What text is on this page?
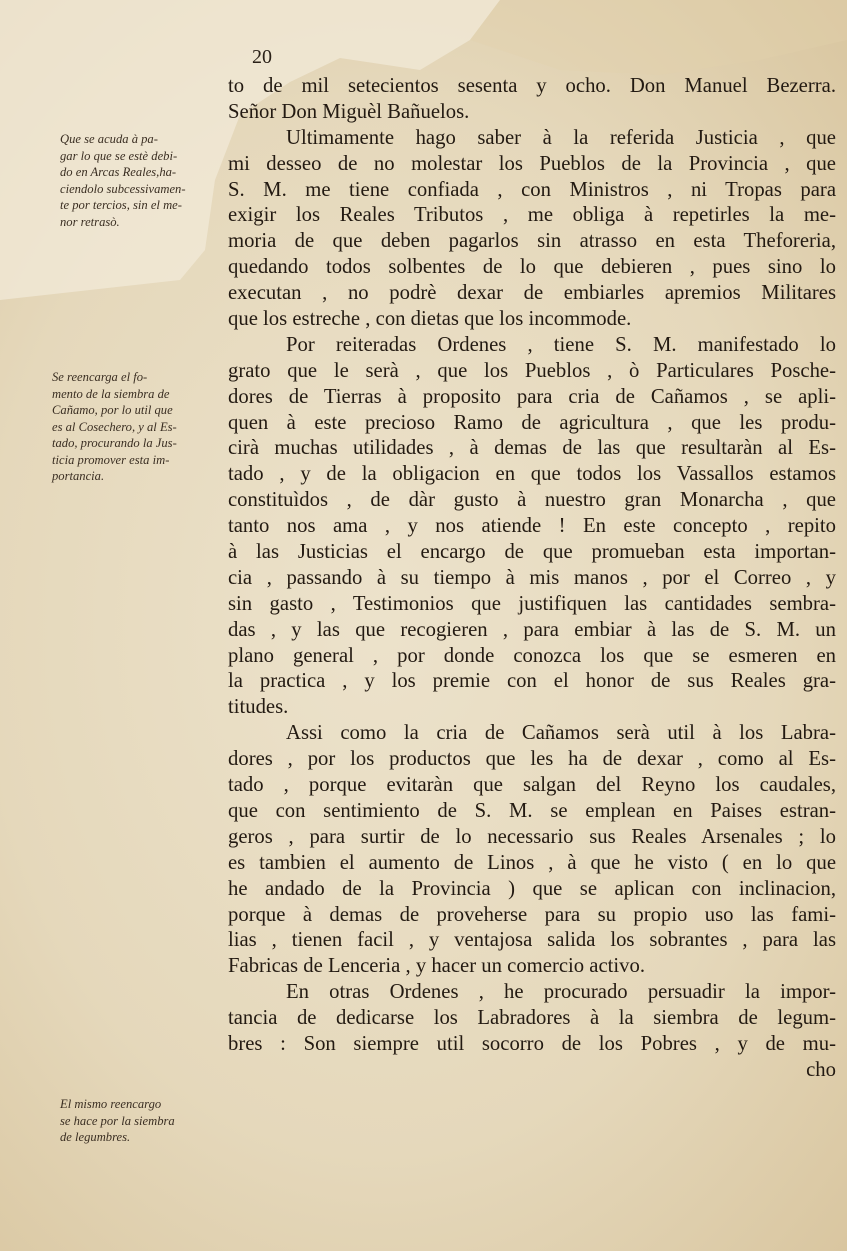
20
Que se acuda à pa-
gar lo que se estè debi-
do en Arcas Reales,ha-
ciendolo subcessivamen-
te por tercios, sin el me-
nor retrasò.
Se reencarga el fo-
mento de la siembra de
Cañamo, por lo util que
es al Cosechero, y al Es-
tado, procurando la Jus-
ticia promover esta im-
portancia.
El mismo reencargo
se hace por la siembra
de legumbres.
to de mil setecientos sesenta y ocho. Don Manuel Bezerra.
Señor Don Miguèl Bañuelos.
Ultimamente hago saber à la referida Justicia , que
mi desseo de no molestar los Pueblos de la Provincia , que
S. M. me tiene confiada , con Ministros , ni Tropas para
exigir los Reales Tributos , me obliga à repetirles la me-
moria de que deben pagarlos sin atrasso en esta Theforeria,
quedando todos solbentes de lo que debieren , pues sino lo
executan , no podrè dexar de embiarles apremios Militares
que los estreche , con dietas que los incommode.
Por reiteradas Ordenes , tiene S. M. manifestado lo
grato que le serà , que los Pueblos , ò Particulares Posche-
dores de Tierras à proposito para cria de Cañamos , se apli-
quen à este precioso Ramo de agricultura , que les produ-
cirà muchas utilidades , à demas de las que resultaràn al Es-
tado , y de la obligacion en que todos los Vassallos estamos
constituìdos , de dàr gusto à nuestro gran Monarcha , que
tanto nos ama , y nos atiende ! En este concepto , repito
à las Justicias el encargo de que promueban esta importan-
cia , passando à su tiempo à mis manos , por el Correo , y
sin gasto , Testimonios que justifiquen las cantidades sembra-
das , y las que recogieren , para embiar à las de S. M. un
plano general , por donde conozca los que se esmeren en
la practica , y los premie con el honor de sus Reales gra-
titudes.
Assi como la cria de Cañamos serà util à los Labra-
dores , por los productos que les ha de dexar , como al Es-
tado , porque evitaràn que salgan del Reyno los caudales,
que con sentimiento de S. M. se emplean en Paises estran-
geros , para surtir de lo necessario sus Reales Arsenales ; lo
es tambien el aumento de Linos , à que he visto ( en lo que
he andado de la Provincia ) que se aplican con inclinacion,
porque à demas de proveherse para su propio uso las fami-
lias , tienen facil , y ventajosa salida los sobrantes , para las
Fabricas de Lenceria , y hacer un comercio activo.
En otras Ordenes , he procurado persuadir la impor-
tancia de dedicarse los Labradores à la siembra de legum-
bres : Son siempre util socorro de los Pobres , y de mu-
cho
